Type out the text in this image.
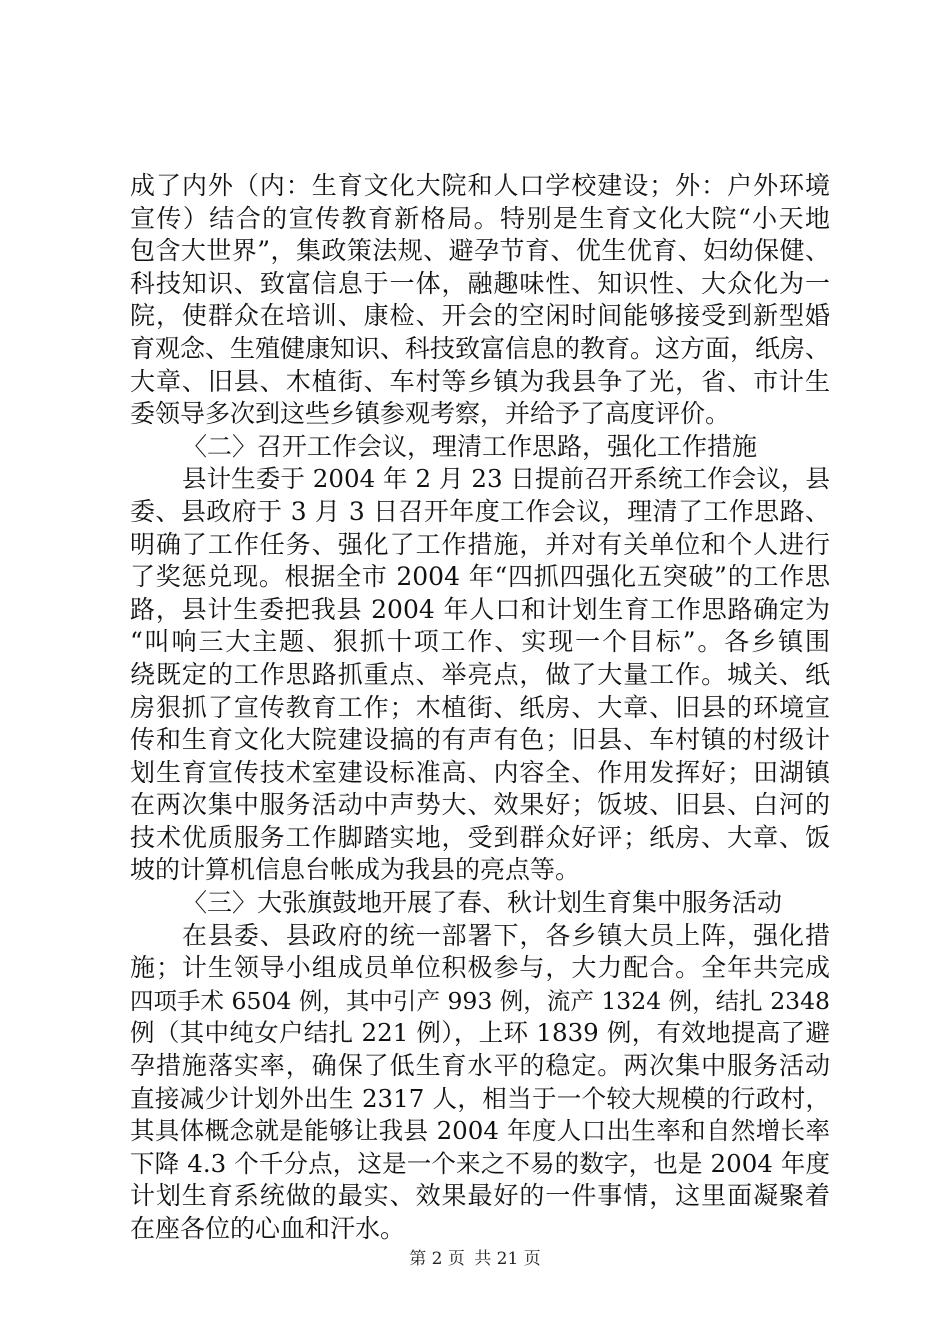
成了内外（内：生育文化大院和人口学校建设；外：户外环境
宣传）结合的宣传教育新格局。特别是生育文化大院“小天地
包含大世界”，集政策法规、避孕节育、优生优育、妇幼保健、
科技知识、致富信息于一体，融趣味性、知识性、大众化为一
院，使群众在培训、康检、开会的空闲时间能够接受到新型婚
育观念、生殖健康知识、科技致富信息的教育。这方面，纸房、
大章、旧县、木植街、车村等乡镇为我县争了光，省、市计生
委领导多次到这些乡镇参观考察，并给予了高度评价。
〈二〉召开工作会议，理清工作思路，强化工作措施
县计生委于 2004 年 2 月 23 日提前召开系统工作会议，县
委、县政府于 3 月 3 日召开年度工作会议，理清了工作思路、
明确了工作任务、强化了工作措施，并对有关单位和个人进行
了奖惩兑现。根据全市 2004 年“四抓四强化五突破”的工作思
路，县计生委把我县 2004 年人口和计划生育工作思路确定为
“叫响三大主题、狠抓十项工作、实现一个目标”。各乡镇围
绕既定的工作思路抓重点、举亮点，做了大量工作。城关、纸
房狠抓了宣传教育工作；木植街、纸房、大章、旧县的环境宣
传和生育文化大院建设搞的有声有色；旧县、车村镇的村级计
划生育宣传技术室建设标准高、内容全、作用发挥好；田湖镇
在两次集中服务活动中声势大、效果好；饭坡、旧县、白河的
技术优质服务工作脚踏实地，受到群众好评；纸房、大章、饭
坡的计算机信息台帐成为我县的亮点等。
〈三〉大张旗鼓地开展了春、秋计划生育集中服务活动
在县委、县政府的统一部署下，各乡镇大员上阵，强化措
施；计生领导小组成员单位积极参与，大力配合。全年共完成
四项手术 6504 例，其中引产 993 例，流产 1324 例，结扎 2348
例（其中纯女户结扎 221 例），上环 1839 例，有效地提高了避
孕措施落实率，确保了低生育水平的稳定。两次集中服务活动
直接减少计划外出生 2317 人，相当于一个较大规模的行政村，
其具体概念就是能够让我县 2004 年度人口出生率和自然增长率
下降 4.3 个千分点，这是一个来之不易的数字，也是 2004 年度
计划生育系统做的最实、效果最好的一件事情，这里面凝聚着
在座各位的心血和汗水。
第 2 页 共 21 页
